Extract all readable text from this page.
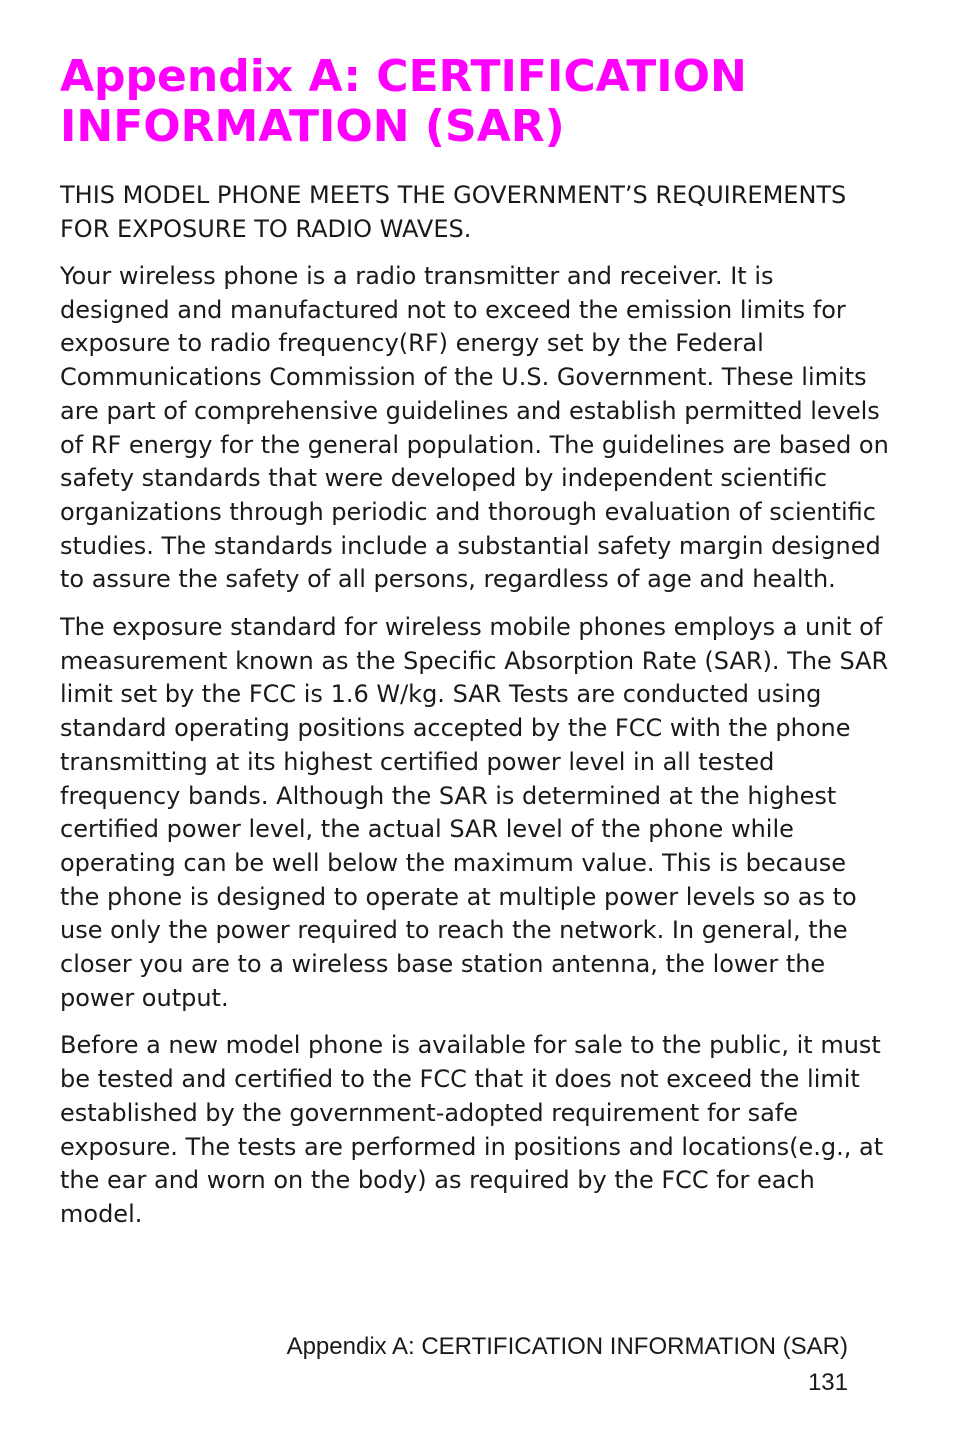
Appendix A: CERTIFICATION INFORMATION (SAR)

THIS MODEL PHONE MEETS THE GOVERNMENT’S REQUIREMENTS FOR EXPOSURE TO RADIO WAVES.

Your wireless phone is a radio transmitter and receiver. It is designed and manufactured not to exceed the emission limits for exposure to radio frequency(RF) energy set by the Federal Communications Commission of the U.S. Government. These limits are part of comprehensive guidelines and establish permitted levels of RF energy for the general population. The guidelines are based on safety standards that were developed by independent scientific organizations through periodic and thorough evaluation of scientific studies. The standards include a substantial safety margin designed to assure the safety of all persons, regardless of age and health.

The exposure standard for wireless mobile phones employs a unit of measurement known as the Specific Absorption Rate (SAR). The SAR limit set by the FCC is 1.6 W/kg. SAR Tests are conducted using standard operating positions accepted by the FCC with the phone transmitting at its highest certified power level in all tested frequency bands. Although the SAR is determined at the highest certified power level, the actual SAR level of the phone while operating can be well below the maximum value. This is because the phone is designed to operate at multiple power levels so as to use only the power required to reach the network. In general, the closer you are to a wireless base station antenna, the lower the power output.

Before a new model phone is available for sale to the public, it must be tested and certified to the FCC that it does not exceed the limit established by the government-adopted requirement for safe exposure. The tests are performed in positions and locations(e.g., at the ear and worn on the body) as required by the FCC for each model.

Appendix A: CERTIFICATION INFORMATION (SAR)
131
